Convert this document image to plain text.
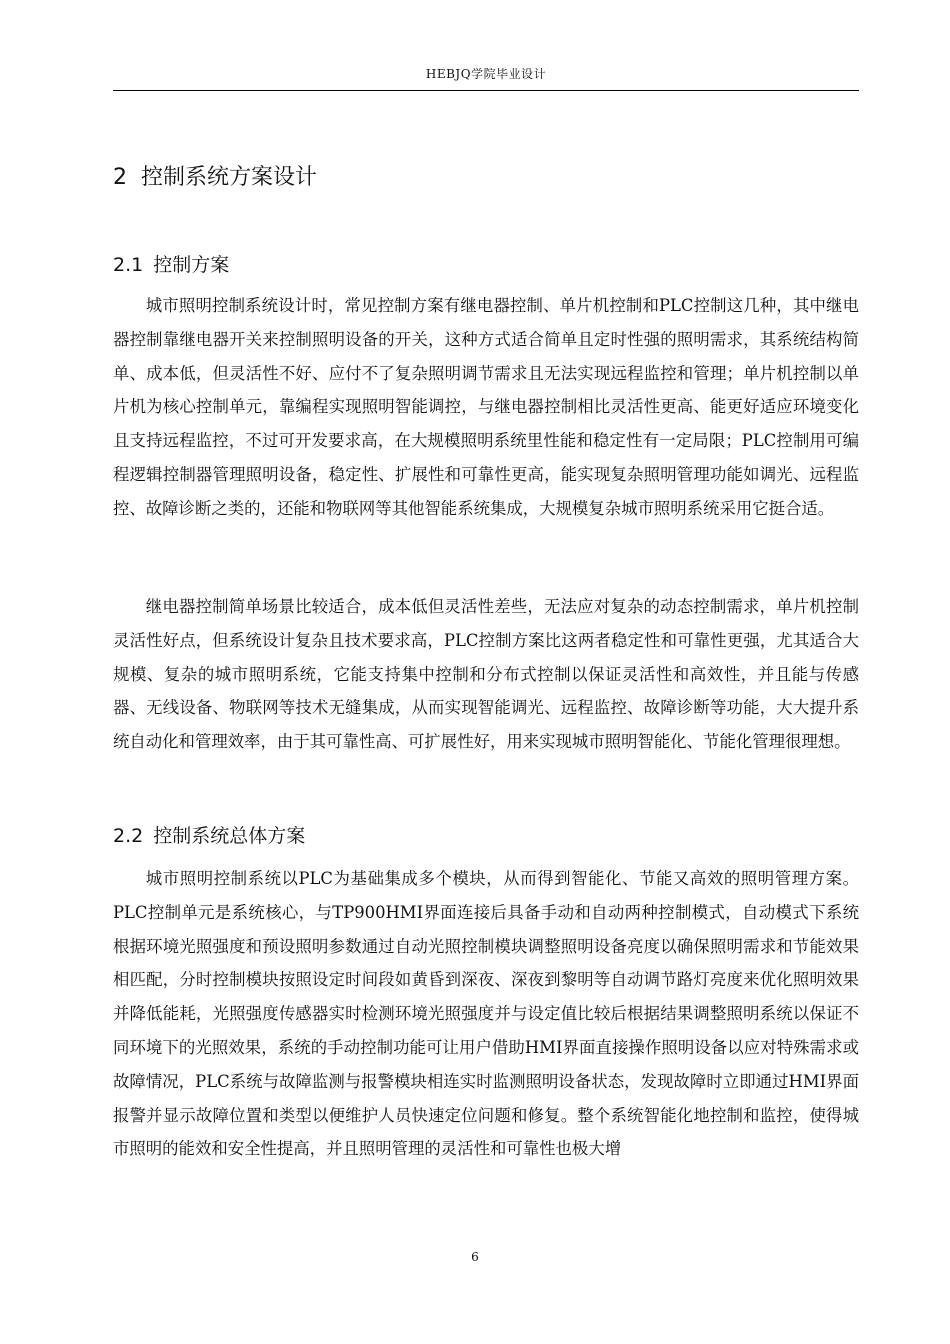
HEBJQ学院毕业设计
2 控制系统方案设计
2.1 控制方案

城市照明控制系统设计时，常见控制方案有继电器控制、单片机控制和PLC控制这几种，其中继电器控制靠继电器开关来控制照明设备的开关，这种方式适合简单且定时性强的照明需求，其系统结构简单、成本低，但灵活性不好、应付不了复杂照明调节需求且无法实现远程监控和管理；单片机控制以单片机为核心控制单元，靠编程实现照明智能调控，与继电器控制相比灵活性更高、能更好适应环境变化且支持远程监控，不过可开发要求高，在大规模照明系统里性能和稳定性有一定局限；PLC控制用可编程逻辑控制器管理照明设备，稳定性、扩展性和可靠性更高，能实现复杂照明管理功能如调光、远程监控、故障诊断之类的，还能和物联网等其他智能系统集成，大规模复杂城市照明系统采用它挺合适。

继电器控制简单场景比较适合，成本低但灵活性差些，无法应对复杂的动态控制需求，单片机控制灵活性好点，但系统设计复杂且技术要求高，PLC控制方案比这两者稳定性和可靠性更强，尤其适合大规模、复杂的城市照明系统，它能支持集中控制和分布式控制以保证灵活性和高效性，并且能与传感器、无线设备、物联网等技术无缝集成，从而实现智能调光、远程监控、故障诊断等功能，大大提升系统自动化和管理效率，由于其可靠性高、可扩展性好，用来实现城市照明智能化、节能化管理很理想。

2.2 控制系统总体方案

城市照明控制系统以PLC为基础集成多个模块，从而得到智能化、节能又高效的照明管理方案。PLC控制单元是系统核心，与TP900HMI界面连接后具备手动和自动两种控制模式，自动模式下系统根据环境光照强度和预设照明参数通过自动光照控制模块调整照明设备亮度以确保照明需求和节能效果相匹配，分时控制模块按照设定时间段如黄昏到深夜、深夜到黎明等自动调节路灯亮度来优化照明效果并降低能耗，光照强度传感器实时检测环境光照强度并与设定值比较后根据结果调整照明系统以保证不同环境下的光照效果，系统的手动控制功能可让用户借助HMI界面直接操作照明设备以应对特殊需求或故障情况，PLC系统与故障监测与报警模块相连实时监测照明设备状态，发现故障时立即通过HMI界面报警并显示故障位置和类型以便维护人员快速定位问题和修复。整个系统智能化地控制和监控，使得城市照明的能效和安全性提高，并且照明管理的灵活性和可靠性也极大增

6
